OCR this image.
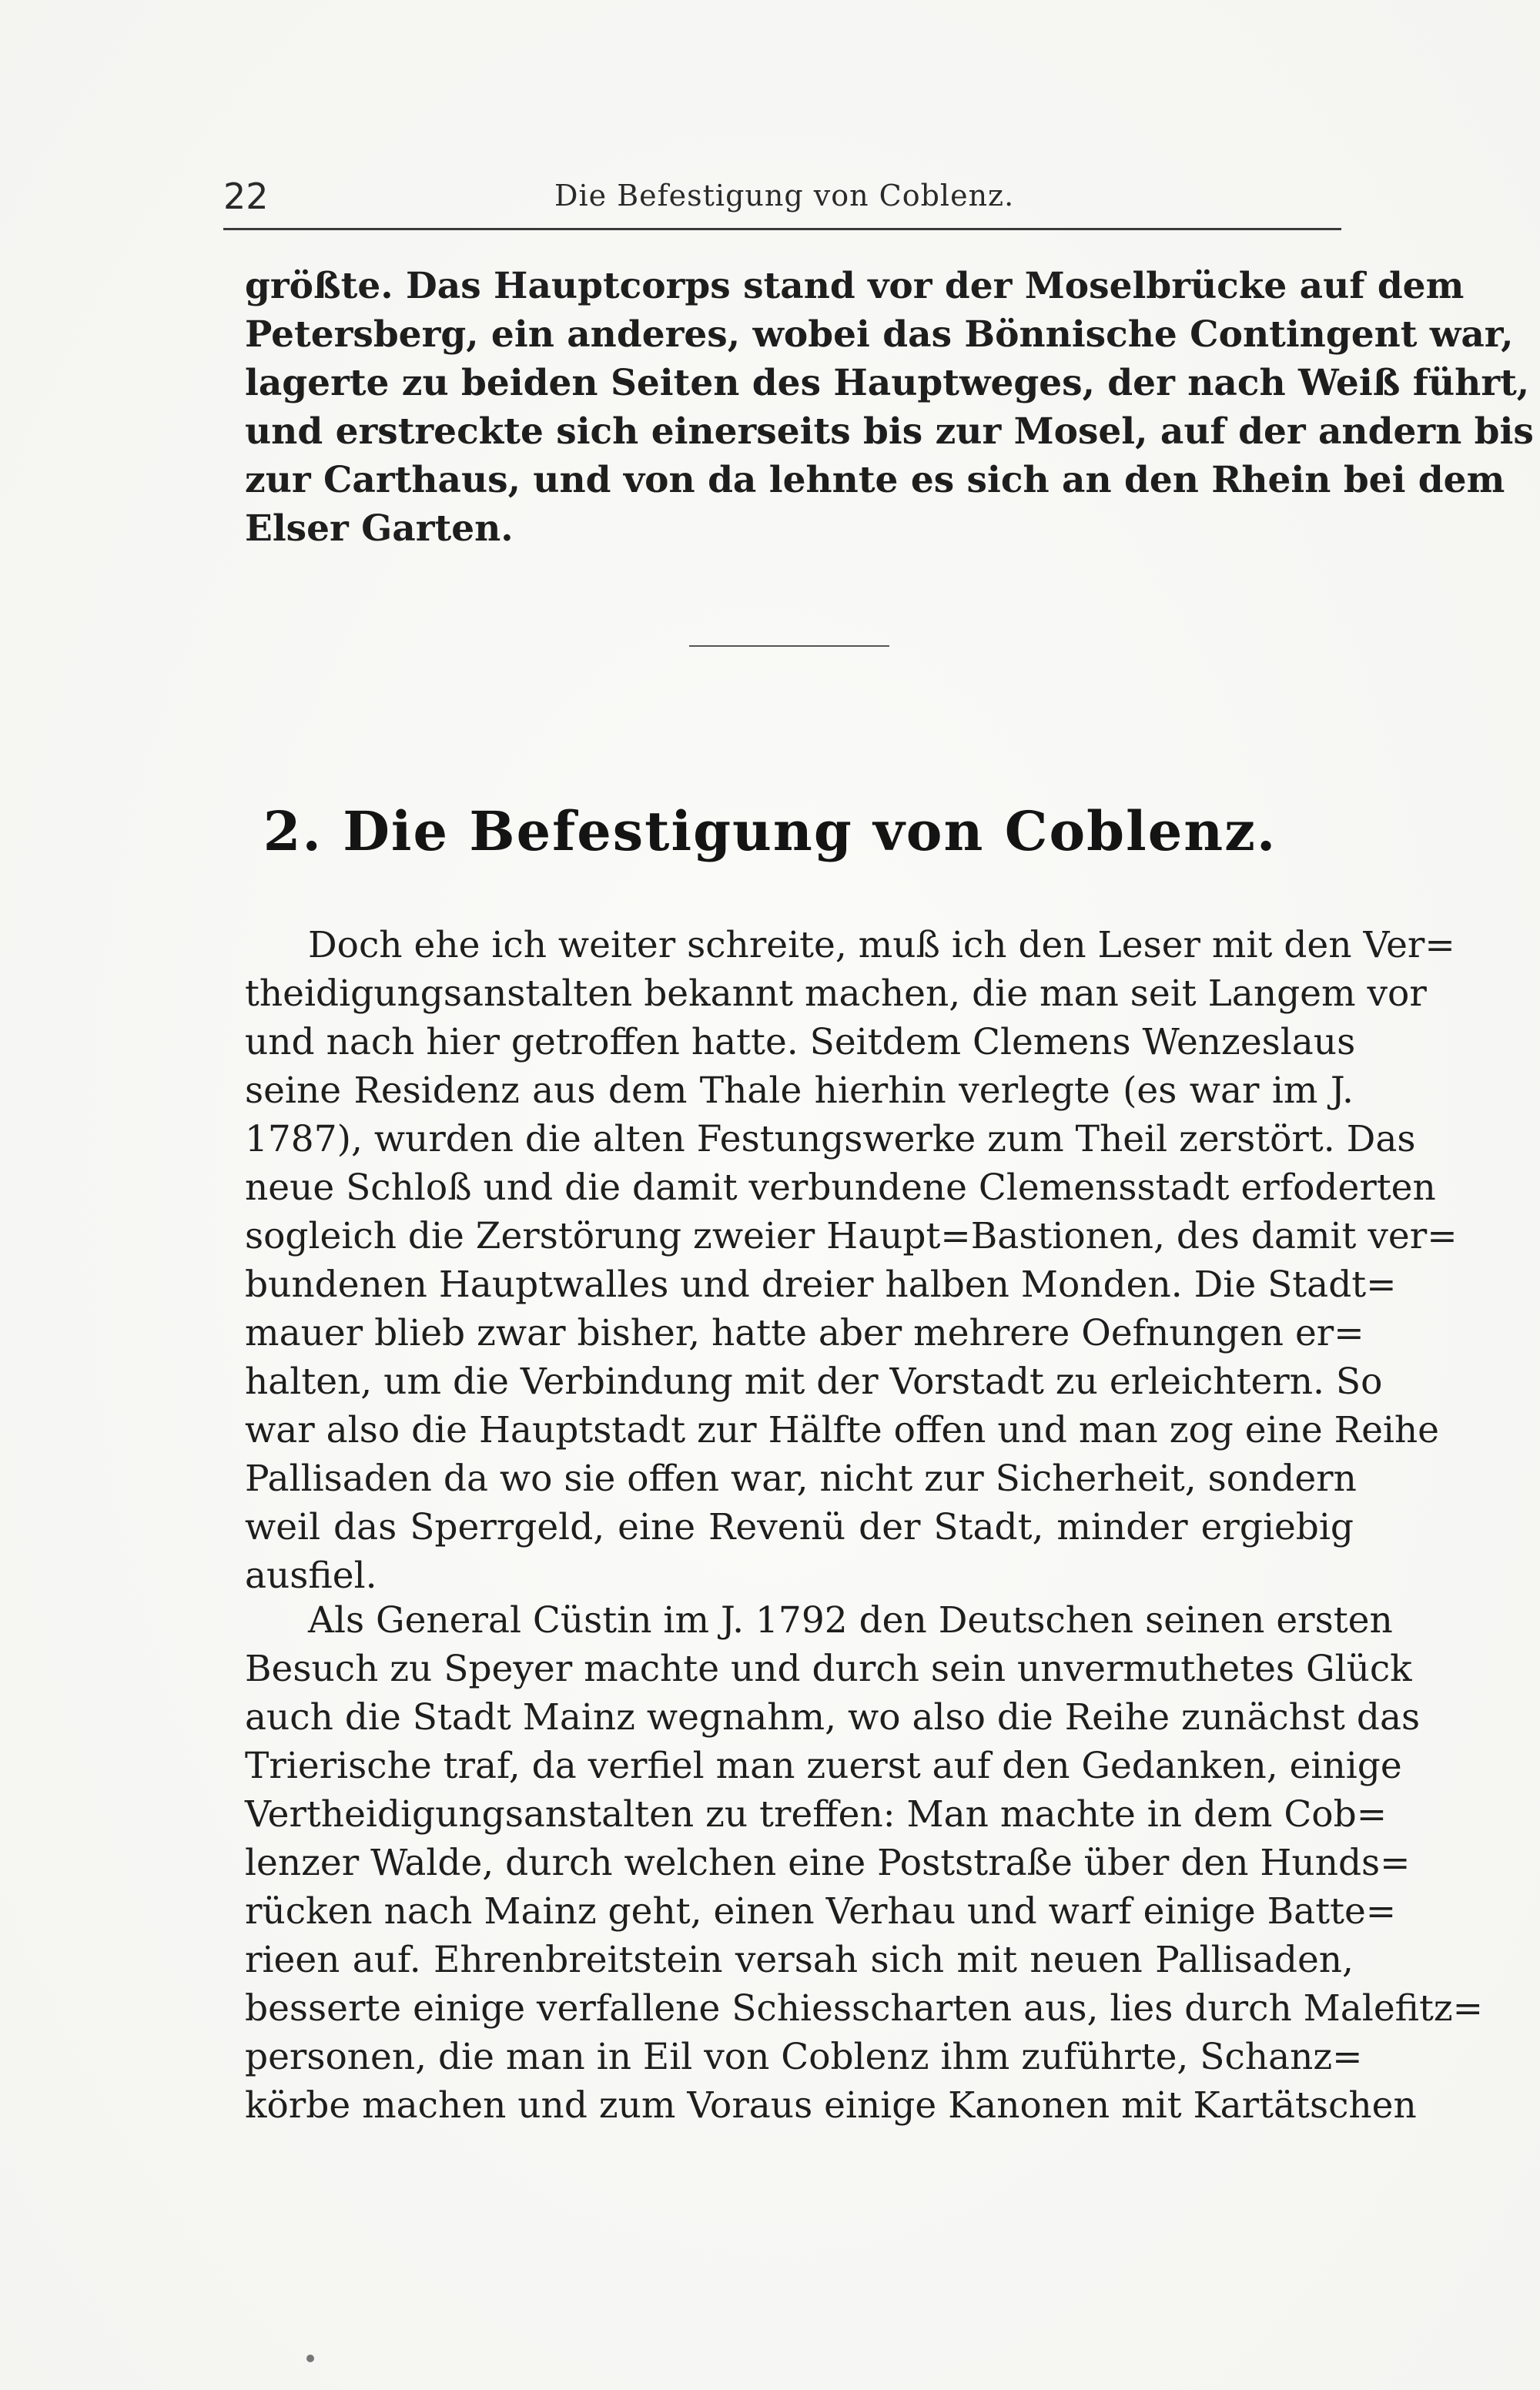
22	Die Befestigung von Coblenz.
größte. Das Hauptcorps stand vor der Moselbrücke auf dem
Petersberg, ein anderes, wobei das Bönnische Contingent war,
lagerte zu beiden Seiten des Hauptweges, der nach Weiß führt,
und erstreckte sich einerseits bis zur Mosel, auf der andern bis
zur Carthaus, und von da lehnte es sich an den Rhein bei dem
Elser Garten.
2. Die Befestigung von Coblenz.
Doch ehe ich weiter schreite, muß ich den Leser mit den Ver=
theidigungsanstalten bekannt machen, die man seit Langem vor
und nach hier getroffen hatte. Seitdem Clemens Wenzeslaus
seine Residenz aus dem Thale hierhin verlegte (es war im J.
1787), wurden die alten Festungswerke zum Theil zerstört. Das
neue Schloß und die damit verbundene Clemensstadt erfoderten
sogleich die Zerstörung zweier Haupt=Bastionen, des damit ver=
bundenen Hauptwalles und dreier halben Monden. Die Stadt=
mauer blieb zwar bisher, hatte aber mehrere Oefnungen er=
halten, um die Verbindung mit der Vorstadt zu erleichtern. So
war also die Hauptstadt zur Hälfte offen und man zog eine Reihe
Pallisaden da wo sie offen war, nicht zur Sicherheit, sondern
weil das Sperrgeld, eine Revenü der Stadt, minder ergiebig
ausfiel.
Als General Cüstin im J. 1792 den Deutschen seinen ersten
Besuch zu Speyer machte und durch sein unvermuthetes Glück
auch die Stadt Mainz wegnahm, wo also die Reihe zunächst das
Trierische traf, da verfiel man zuerst auf den Gedanken, einige
Vertheidigungsanstalten zu treffen: Man machte in dem Cob=
lenzer Walde, durch welchen eine Poststraße über den Hunds=
rücken nach Mainz geht, einen Verhau und warf einige Batte=
rieen auf. Ehrenbreitstein versah sich mit neuen Pallisaden,
besserte einige verfallene Schiesscharten aus, lies durch Malefitz=
personen, die man in Eil von Coblenz ihm zuführte, Schanz=
körbe machen und zum Voraus einige Kanonen mit Kartätschen
